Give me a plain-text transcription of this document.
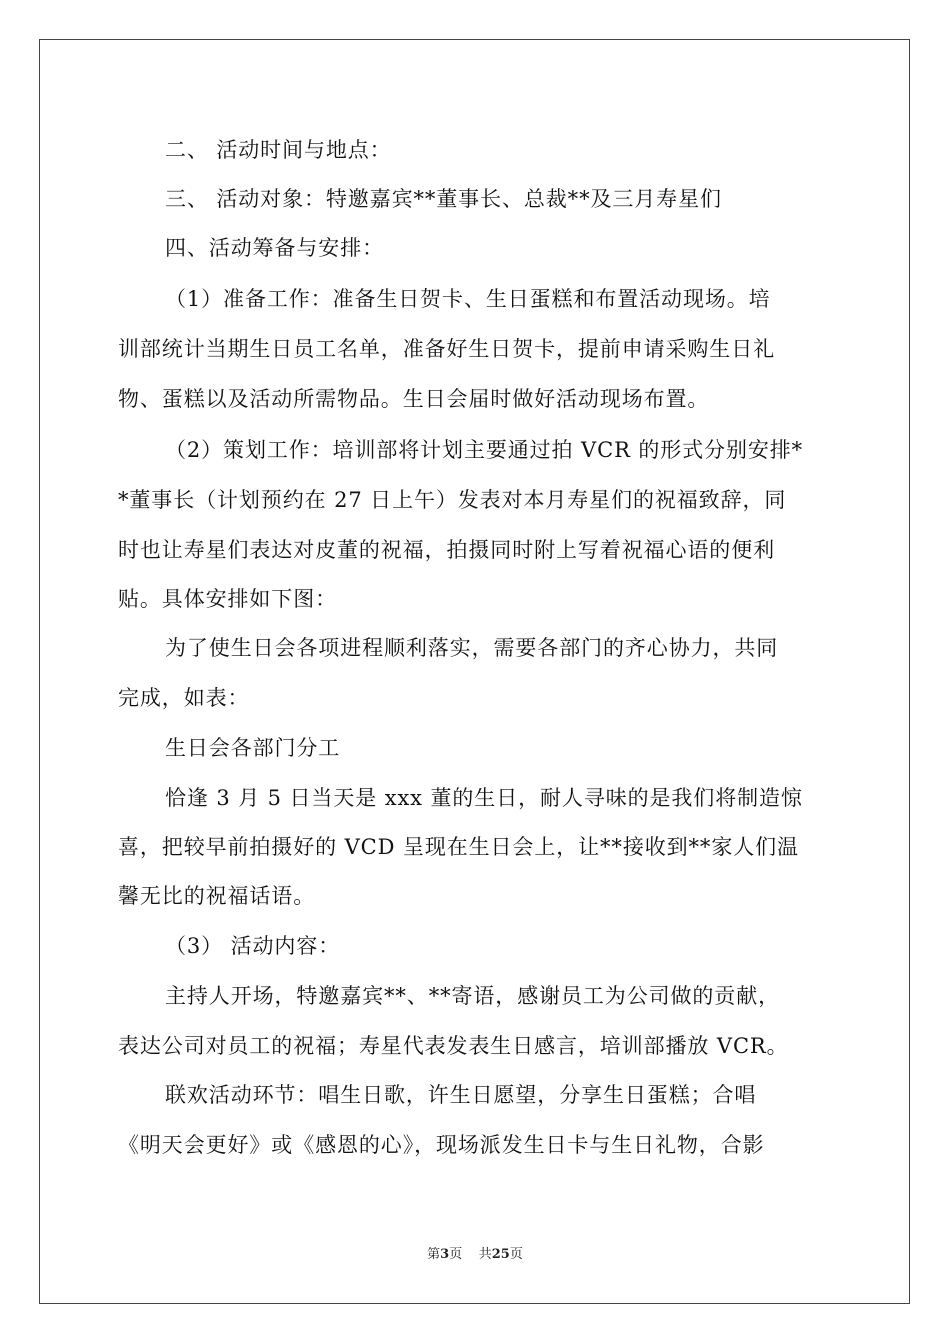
二、 活动时间与地点：
三、 活动对象：特邀嘉宾**董事长、总裁**及三月寿星们
四、活动筹备与安排：
（1）准备工作：准备生日贺卡、生日蛋糕和布置活动现场。培
训部统计当期生日员工名单，准备好生日贺卡，提前申请采购生日礼
物、蛋糕以及活动所需物品。生日会届时做好活动现场布置。
（2）策划工作：培训部将计划主要通过拍 VCR 的形式分别安排*
*董事长（计划预约在 27 日上午）发表对本月寿星们的祝福致辞，同
时也让寿星们表达对皮董的祝福，拍摄同时附上写着祝福心语的便利
贴。具体安排如下图：
为了使生日会各项进程顺利落实，需要各部门的齐心协力，共同
完成，如表：
生日会各部门分工
恰逢 3 月 5 日当天是 xxx 董的生日，耐人寻味的是我们将制造惊
喜，把较早前拍摄好的 VCD 呈现在生日会上，让**接收到**家人们温
馨无比的祝福话语。
（3） 活动内容：
主持人开场，特邀嘉宾**、**寄语，感谢员工为公司做的贡献，
表达公司对员工的祝福；寿星代表发表生日感言，培训部播放 VCR。
联欢活动环节：唱生日歌，许生日愿望，分享生日蛋糕；合唱
《明天会更好》或《感恩的心》，现场派发生日卡与生日礼物，合影
第3页 共25页
